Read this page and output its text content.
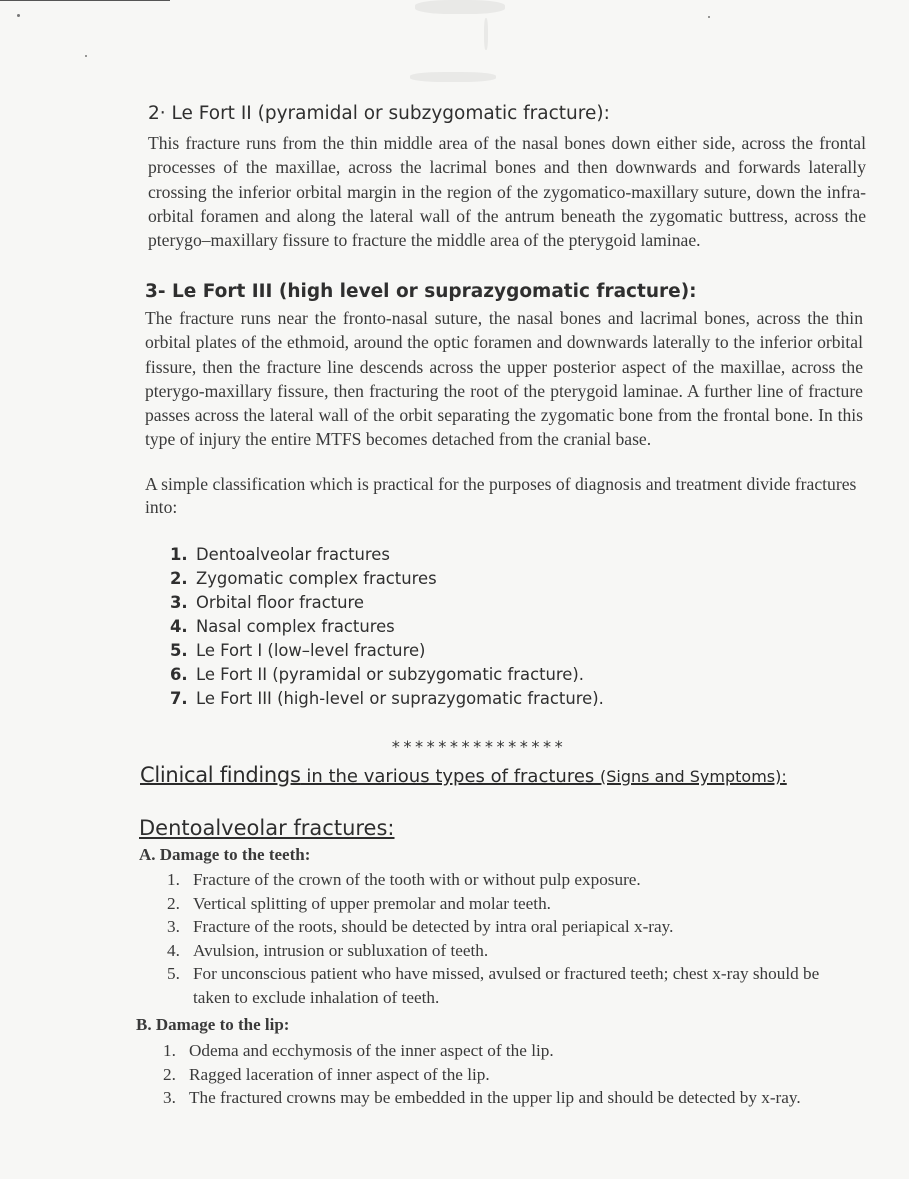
2· Le Fort II (pyramidal or subzygomatic fracture):
This fracture runs from the thin middle area of the nasal bones down either side, across the frontal processes of the maxillae, across the lacrimal bones and then downwards and forwards laterally crossing the inferior orbital margin in the region of the zygomatico-maxillary suture, down the infra-orbital foramen and along the lateral wall of the antrum beneath the zygomatic buttress, across the pterygo–maxillary fissure to fracture the middle area of the pterygoid laminae.
3- Le Fort III (high level or suprazygomatic fracture):
The fracture runs near the fronto-nasal suture, the nasal bones and lacrimal bones, across the thin orbital plates of the ethmoid, around the optic foramen and downwards laterally to the inferior orbital fissure, then the fracture line descends across the upper posterior aspect of the maxillae, across the pterygo-maxillary fissure, then fracturing the root of the pterygoid laminae. A further line of fracture passes across the lateral wall of the orbit separating the zygomatic bone from the frontal bone. In this type of injury the entire MTFS becomes detached from the cranial base.
A simple classification which is practical for the purposes of diagnosis and treatment divide fractures into:
1. Dentoalveolar fractures
2. Zygomatic complex fractures
3. Orbital floor fracture
4. Nasal complex fractures
5. Le Fort I (low–level fracture)
6. Le Fort II (pyramidal or subzygomatic fracture).
7. Le Fort III (high-level or suprazygomatic fracture).
***************
Clinical findings in the various types of fractures (Signs and Symptoms):
Dentoalveolar fractures:
A. Damage to the teeth:
1. Fracture of the crown of the tooth with or without pulp exposure.
2. Vertical splitting of upper premolar and molar teeth.
3. Fracture of the roots, should be detected by intra oral periapical x-ray.
4. Avulsion, intrusion or subluxation of teeth.
5. For unconscious patient who have missed, avulsed or fractured teeth; chest x-ray should be taken to exclude inhalation of teeth.
B. Damage to the lip:
1. Odema and ecchymosis of the inner aspect of the lip.
2. Ragged laceration of inner aspect of the lip.
3. The fractured crowns may be embedded in the upper lip and should be detected by x-ray.
